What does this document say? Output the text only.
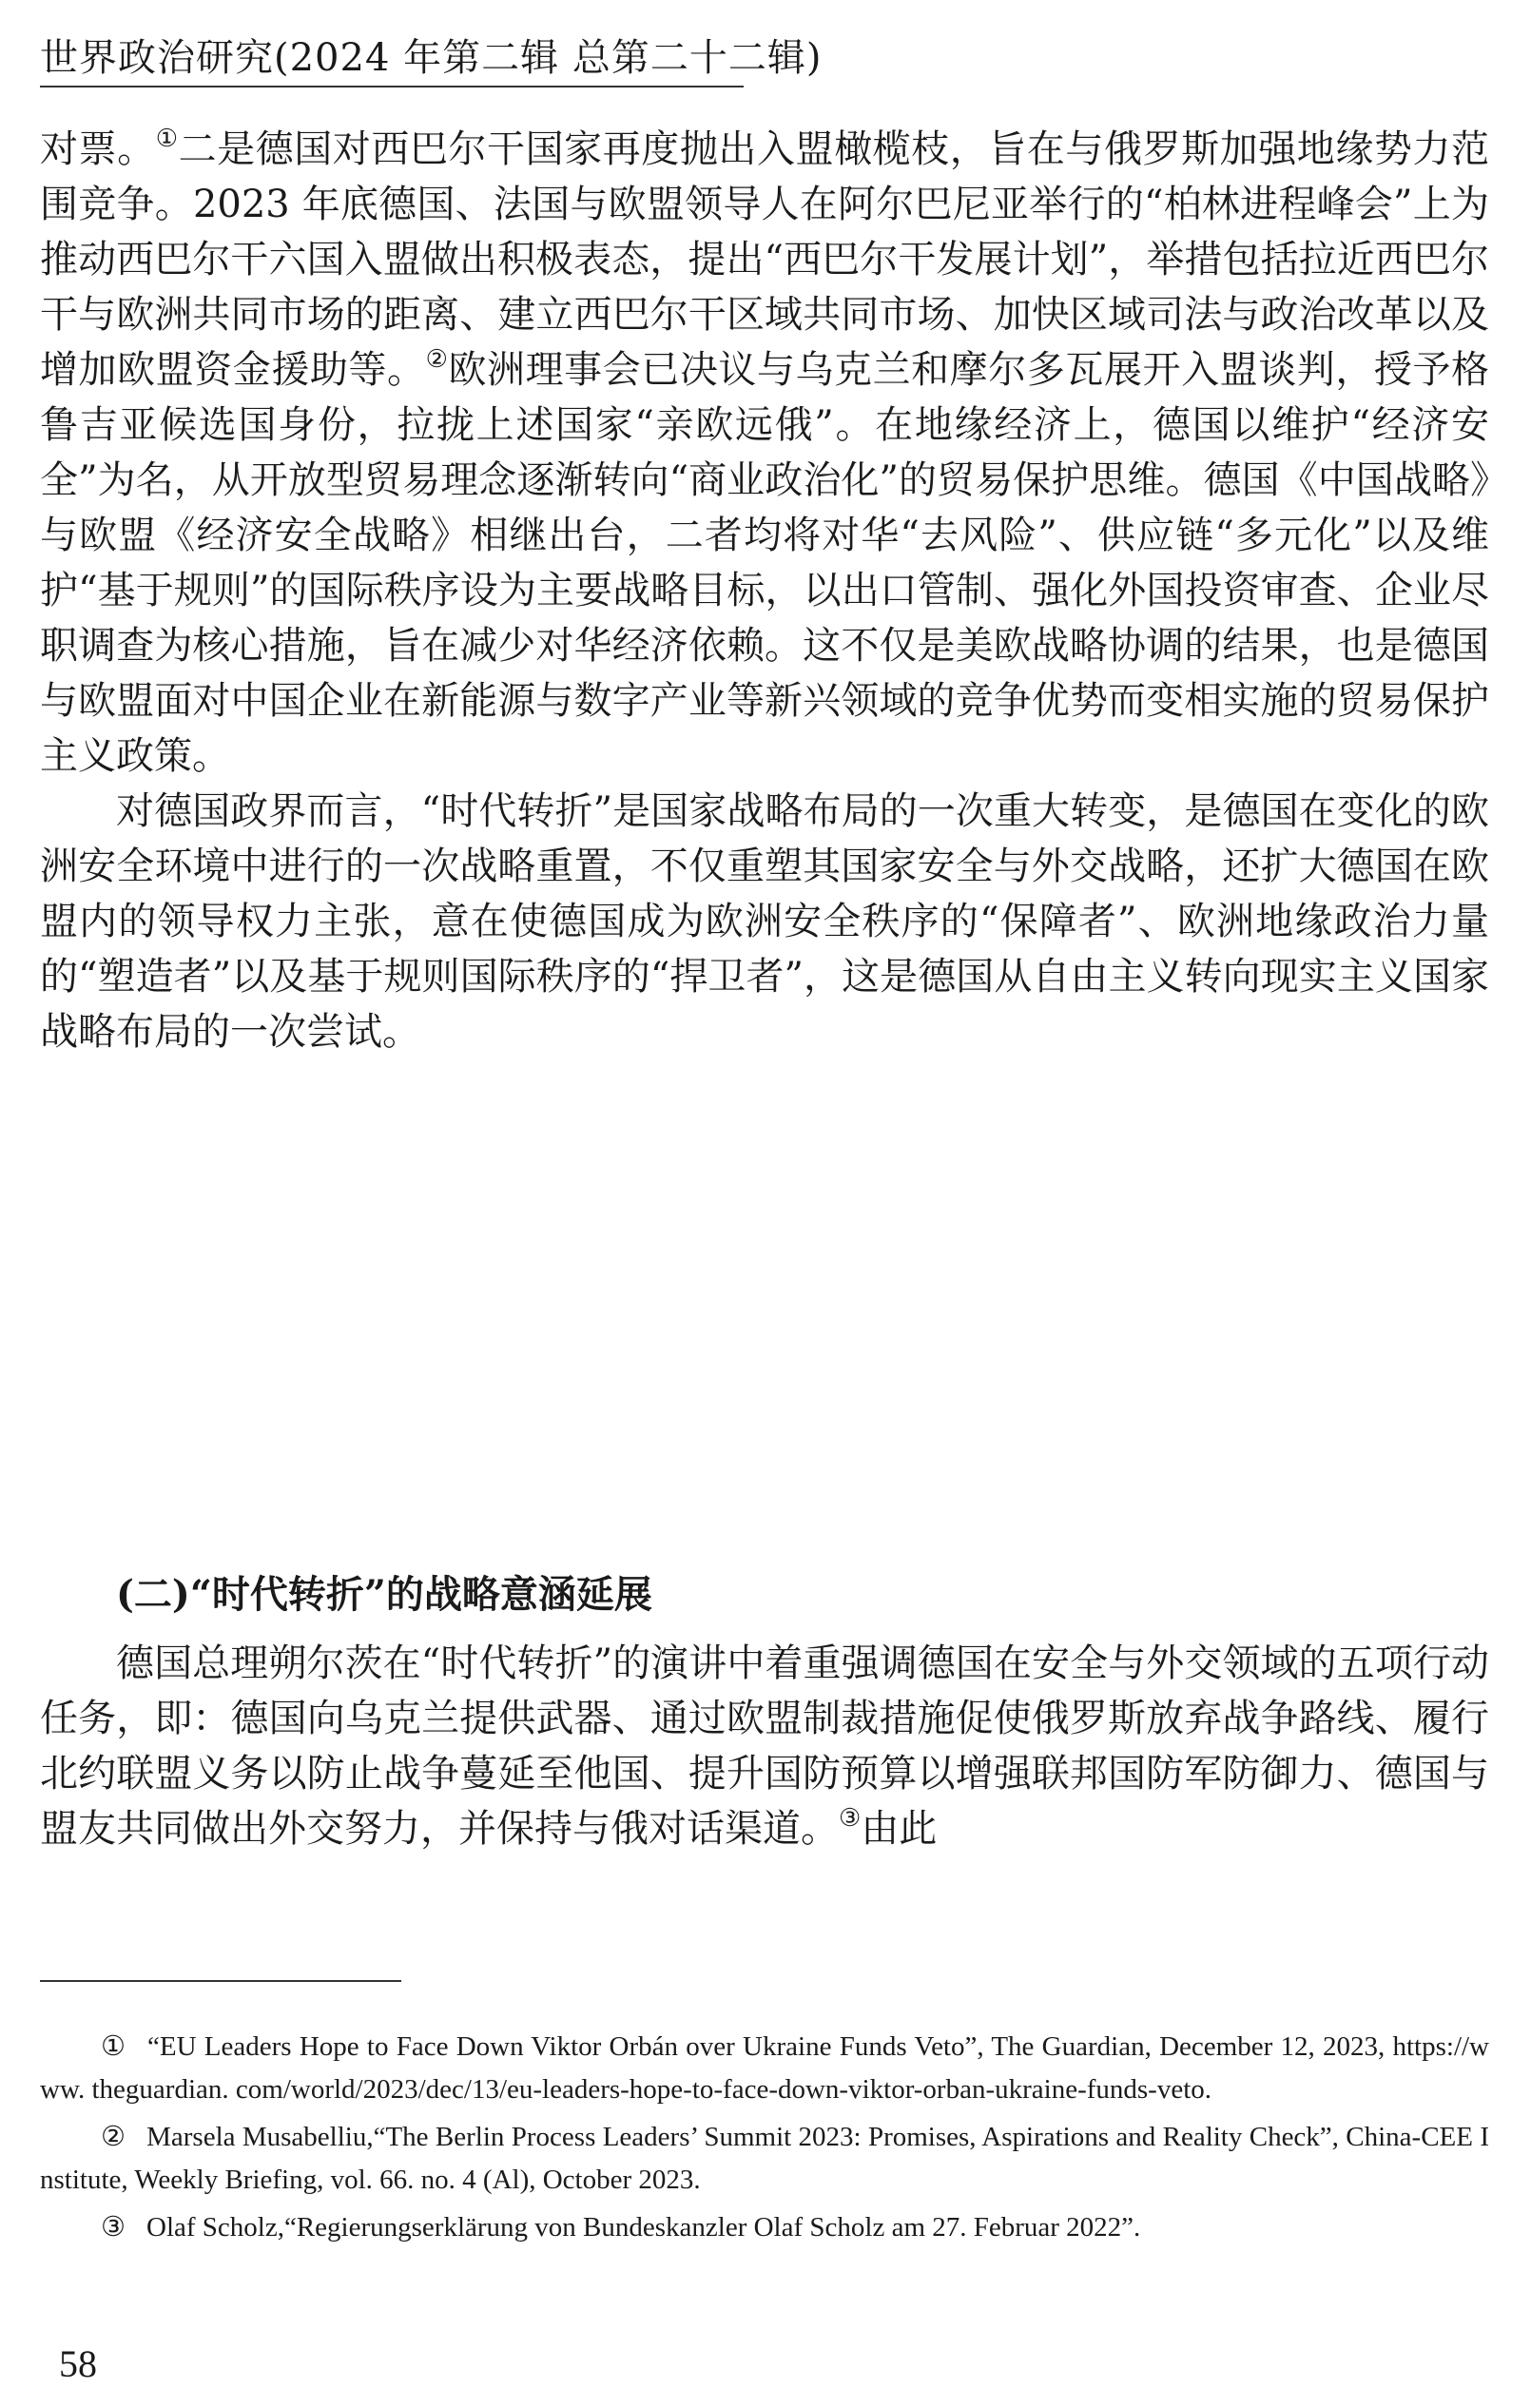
世界政治研究(2024 年第二辑 总第二十二辑)

对票。①二是德国对西巴尔干国家再度抛出入盟橄榄枝，旨在与俄罗斯加强地缘势力范围竞争。2023 年底德国、法国与欧盟领导人在阿尔巴尼亚举行的“柏林进程峰会”上为推动西巴尔干六国入盟做出积极表态，提出“西巴尔干发展计划”，举措包括拉近西巴尔干与欧洲共同市场的距离、建立西巴尔干区域共同市场、加快区域司法与政治改革以及增加欧盟资金援助等。②欧洲理事会已决议与乌克兰和摩尔多瓦展开入盟谈判，授予格鲁吉亚候选国身份，拉拢上述国家“亲欧远俄”。在地缘经济上，德国以维护“经济安全”为名，从开放型贸易理念逐渐转向“商业政治化”的贸易保护思维。德国《中国战略》与欧盟《经济安全战略》相继出台，二者均将对华“去风险”、供应链“多元化”以及维护“基于规则”的国际秩序设为主要战略目标，以出口管制、强化外国投资审查、企业尽职调查为核心措施，旨在减少对华经济依赖。这不仅是美欧战略协调的结果，也是德国与欧盟面对中国企业在新能源与数字产业等新兴领域的竞争优势而变相实施的贸易保护主义政策。

对德国政界而言，“时代转折”是国家战略布局的一次重大转变，是德国在变化的欧洲安全环境中进行的一次战略重置，不仅重塑其国家安全与外交战略，还扩大德国在欧盟内的领导权力主张，意在使德国成为欧洲安全秩序的“保障者”、欧洲地缘政治力量的“塑造者”以及基于规则国际秩序的“捍卫者”，这是德国从自由主义转向现实主义国家战略布局的一次尝试。

(二)“时代转折”的战略意涵延展

德国总理朔尔茨在“时代转折”的演讲中着重强调德国在安全与外交领域的五项行动任务，即：德国向乌克兰提供武器、通过欧盟制裁措施促使俄罗斯放弃战争路线、履行北约联盟义务以防止战争蔓延至他国、提升国防预算以增强联邦国防军防御力、德国与盟友共同做出外交努力，并保持与俄对话渠道。③由此

① “EU Leaders Hope to Face Down Viktor Orbán over Ukraine Funds Veto”, The Guardian, December 12, 2023, https://www. theguardian. com/world/2023/dec/13/eu-leaders-hope-to-face-down-viktor-orban-ukraine-funds-veto.

② Marsela Musabelliu,“The Berlin Process Leaders’ Summit 2023: Promises, Aspirations and Reality Check”, China-CEE Institute, Weekly Briefing, vol. 66. no. 4 (Al), October 2023.

③ Olaf Scholz,“Regierungserklärung von Bundeskanzler Olaf Scholz am 27. Februar 2022”.

58
